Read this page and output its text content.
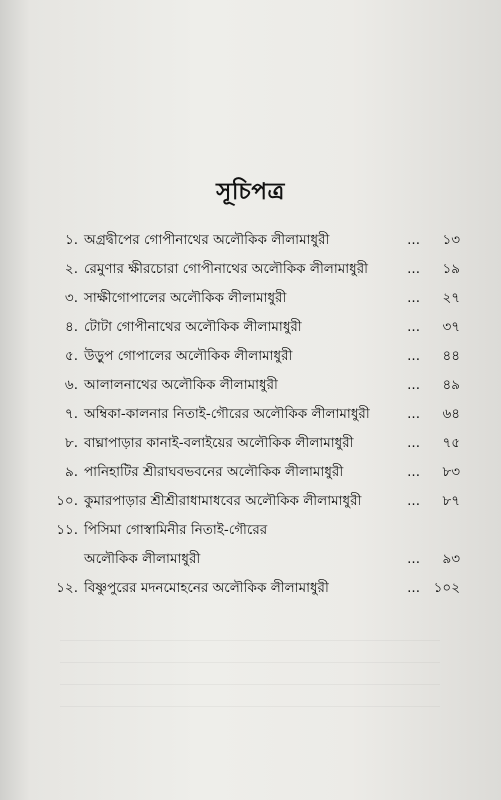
সূচিপত্র
১. অগ্রদ্বীপের গোপীনাথের অলৌকিক লীলামাধুরী	...	১৩
২. রেমুণার ক্ষীরচোরা গোপীনাথের অলৌকিক লীলামাধুরী	...	১৯
৩. সাক্ষীগোপালের অলৌকিক লীলামাধুরী	...	২৭
৪. টোটা গোপীনাথের অলৌকিক লীলামাধুরী	...	৩৭
৫. উড়ুপ গোপালের অলৌকিক লীলামাধুরী	...	৪৪
৬. আলালনাথের অলৌকিক লীলামাধুরী	...	৪৯
৭. অম্বিকা-কালনার নিতাই-গৌরের অলৌকিক লীলামাধুরী	...	৬৪
৮. বাঘ্নাপাড়ার কানাই-বলাইয়ের অলৌকিক লীলামাধুরী	...	৭৫
৯. পানিহাটির শ্রীরাঘবভবনের অলৌকিক লীলামাধুরী	...	৮৩
১০. কুমারপাড়ার শ্রীশ্রীরাধামাধবের অলৌকিক লীলামাধুরী	...	৮৭
১১. পিসিমা গোস্বামিনীর নিতাই-গৌরের
অলৌকিক লীলামাধুরী	...	৯৩
১২. বিষ্ণুপুরের মদনমোহনের অলৌকিক লীলামাধুরী	...	১০২
